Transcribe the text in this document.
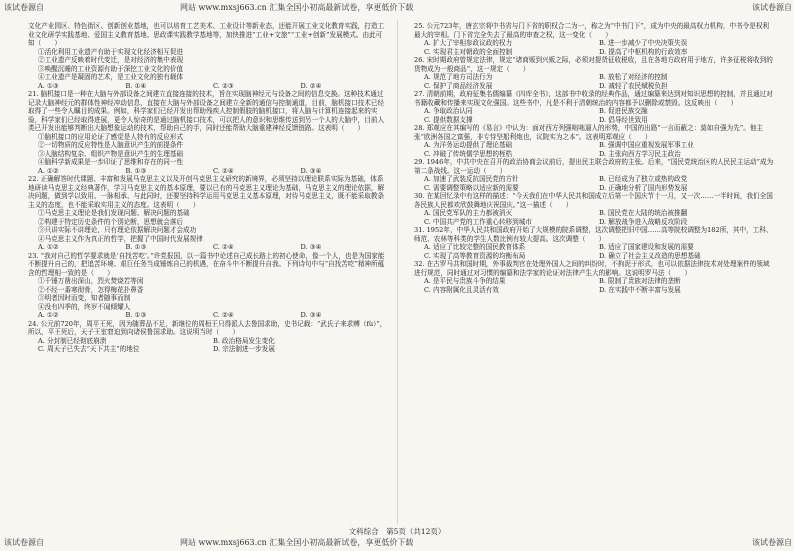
该试卷源自	网站 www.mxsj663.cn 汇集全国小初高最新试卷，享更低价下载	该试卷源自

文化产业园区、特色街区、创新创业基地，也可以培育工艺美术、工业设计等新业态，还能开展工业文化教育实践，打造工业文化研学实践基地、爱国主义教育基地、思政课实践教学基地等，加快推进“工业+文旅”“工业+创新”发展模式。由此可知（　　）

①活化利用工业遗产有助于实现文化经济相互促进

②工业遗产反映着时代变迁，是对经济的集中表现

③唤醒沉睡的工业资源有助于深挖工业文化的价值

④工业遗产是凝固的艺术，是工业文化的独有载体

A. ①③	B. ①④	C. ②③	D. ②④

21. 脑机接口是一种在大脑与外部设备之间建立直接连接的技术，旨在实现脑神经元与设备之间的信息交换。这种技术通过记录大脑神经元的群体性神经冲动信息，直接在大脑与外部设备之间建立全新的通信与控制通道，目前，脑机接口技术已经取得了一些令人瞩目的成果。例如，科学家们已经开发出帮助残疾人控制假肢的脑机接口，将人脑与计算机连接起来的实验，科学家们已经取得进展，更令人惊奇的是通过脑机接口技术，可以把人的意识和思维传送到另一个人的大脑中，目前人类已开发出能够判断出大脑想象运动的技术，帮助自己的手，同时还能帮助大脑重建神经反馈链路。这表明（　　）

①脑机接口的应用论证了感觉是人特有的反应形式

②一切物质的反应特性是人脑意识产生的前提条件

③人脑结构复杂、组织产物是意识产生的生理基础

④脑科学新成果是一步印证了思维和存在的同一性

A. ①②	B. ①③	C. ②④	D. ③④

22. 正确解答时代课题、丰富和发展马克思主义以及开创马克思主义研究的新境界，必须坚持以理论联系实际为基础，体系地研读马克思主义经典著作，学习马克思主义的基本原理，要以已有的马克思主义理论为基础，马克思主义的理论依据，解决问题，做到学以致用、一脉相承、与此同时，还要坚持科学运用马克思主义基本原理，对待马克思主义，既不能采取教条主义的态度，也不能采取实用主义的态度。这表明（　　）

①马克思主义理论是我们发现问题、解决问题的基础

②构建于特定历史条件的个别论断，思想就会落后

③只讲实际不讲理论，只有理论依据解决问题才会成功

④马克思主义作为真正的哲学，把握了中国时代发展规律

A. ①②	B. ①③	C. ②④	D. ③④

23. “我对自己的哲学要求就是‘自找苦吃’。”许党报国，以一篇书中论述自己成长路上的初心使命，像一个人，也是为国家能不断提升自己的，把追苦环境、艰巨任务当成锤炼自己的机遇，在奋斗中不断提升自我。下列诗句中与“自找苦吃”精神所蕴含的哲理相一致的是（　　）

①千锤万凿出深山，烈火焚烧若等闲

②不经一番寒彻骨，怎得梅花扑鼻香

③明者因时而变，知者随事而制

④没有四季的，终岁不闻倾耀人

A. ①②	B. ①③	C. ②④	D. ③④

24. 公元前720年，周平王死，因为随葬品不足，新继位的周桓王只得派人去鲁国求助，史书记载：“武氏子来求赙（fù）”，所以，平王死后，天子王室窘迫到向诸侯鲁国求助。这说明当时（　　）

A. 分封制已经彻底崩溃	B. 政治格局发生变化
C. 周天子已失去“天下共主”的地位	D. 宗法制进一步发展

25. 公元723年，唐玄宗将中书省与门下省的职权合二为一，称之为“中书门下”，成为中央的最高权力机构，中书令是权利最大的宰相。门下省完全失去了最高的审查之权，这一变化（　　）

A. 扩大了宰相参政议政的权力	B. 进一步减少了中央决策失误
C. 实现君主对朝政的全面控制	D. 提高了中枢机构的行政效率

26. 宋时期政府曾规定法律，规定“诸商贩到兴贩之际，必须对提货征收税收，且在各地方政府用于地方，许多征税将收到的货物成为一般商品”，这一规定（　　）

A. 规范了地方司法行为	B. 放松了对经济的控制
C. 保护了商品经济发展	D. 减轻了农民赋税负担

27. 清朝前期，政府征集名儒编纂《四库全书》，这部书中收录的经典作品，通过编纂来达到对知识思想的控制，并且通过对书籍收藏和传播来实现文化强国。这些书中，凡是不利于清朝统治的内容都予以删除或禁毁。这反映出（　　）

A. 争取政治认同	B. 促进民族交融
C. 提供数据支撑	D. 倡导经世致用

28. 郑观应在其编写的《易言》中认为：面对西方列强咄咄逼人的形势，中国的出路“一言而蔽之：莫如自强为先”。他主张“欧洲各国之富强，非专恃坚船利炮也，议院实为之本”。这表明郑观应（　　）

A. 为洋务运动提供了理论基础	B. 强调中国应重视发展军事工业
C. 冲破了传统儒学思想的桎梏	D. 主张向西方学习民主政治

29. 1946年，中共中央在召开的政治协商会议前后，提出民主联合政府的主张。后来，“国民党统治区的人民民主运动”成为第二条战线。这一运动（　　）

A. 加速了武装反抗国民党的方针	B. 已经成为了独立或热的政党
C. 需要调整策略以适应新的需要	D. 正确地分析了国内形势发展

30. 在某回忆录中有这样的描述：“今天我们在中华人民共和国成立后第一个国庆节十一月，又一次……一半时间，我们全国各民族人民都欢欣鼓舞地庆祝国庆。”这一描述（　　）

A. 国民党军队的主力都被消灭	B. 国民党在大陆的统治被推翻
C. 中国共产党的工作重心转移到城市	D. 解放战争进入战略反攻阶段

31. 1952年，中华人民共和国政府开始了大规模的院系调整，这次调整把旧中国……高等院校调整为182所，其中，工科、师范、农林等科类的学生人数比例有较大提高。这次调整（　　）

A. 适应了比较完整的国民教育体系	B. 适应了国家建设和发展的需要
C. 实现了高等教育资源的均衡布局	D. 确立了社会主义改造的思想基础

32. 在古罗马共和国时期，外事裁判官在处理外国人之间的纠纷时，不拘泥于形式，也可以依据法律技术对处理案件的领域进行规范，同时通过对习惯的编纂和法学家的论证对法律产生大的影响。这说明罗马法（　　）

A. 是平民与贵族斗争的结果	B. 限制了贵族对法律的垄断
C. 内容附属化且灵活有效	D. 在实践中不断丰富与发展
文科综合　第5页（共12页）
该试卷源自	网站 www.mxsj663.cn 汇集全国小初高最新试卷，享更低价下载	该试卷源自
